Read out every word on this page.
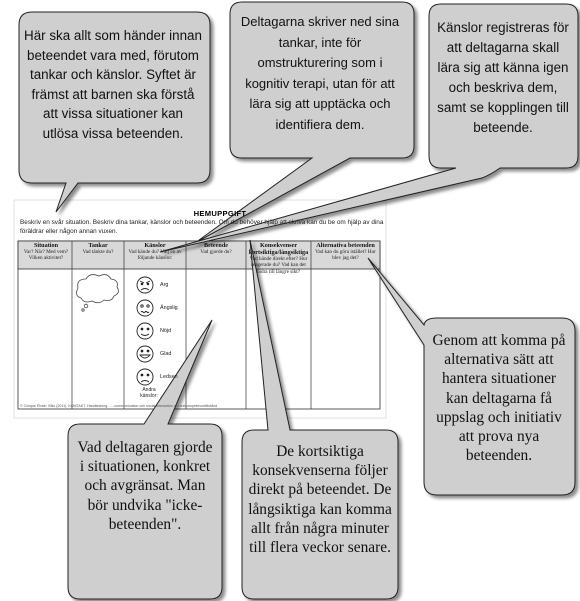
HEMUPPGIFT
Beskriv en svår situation. Beskriv dina tankar, känslor och beteenden. Om du behöver hjälp att skriva kan du be om hjälp av dina föräldrar eller någon annan vuxen.
Situation
Var? När? Med vem? Vilken aktivitet?
Tankar
Vad tänkte du?
Känslor
Vad kände du? Välj en av följande känslor:
Beteende
Vad gjorde du?
Konsekvenser kortsiktiga/långsiktiga
Vad hände direkt efter? Hur reagerade du? Vad kan det bidra till längre sikt?
Alternativa beteenden
Vad kan du göra istället? Hur blev jag det?
Arg
Ängslig
Nöjd
Glad
Ledsen
Andra känslor:
© Clinque Elvsin. Bilio (2011). KOMTAKT. Handledning... ...communication och social interaction vid autismspektrumtillstånd
Här ska allt som händer innan beteendet vara med, förutom tankar och känslor. Syftet är främst att barnen ska förstå att vissa situationer kan utlösa vissa beteenden.
Deltagarna skriver ned sina tankar, inte för omstrukturering som i kognitiv terapi, utan för att lära sig att upptäcka och identifiera dem.
Känslor registreras för att deltagarna skall lära sig att känna igen och beskriva dem, samt se kopplingen till beteende.
Genom att komma på alternativa sätt att hantera situationer kan deltagarna få uppslag och initiativ att prova nya beteenden.
Vad deltagaren gjorde i situationen, konkret och avgränsat. Man bör undvika "icke-beteenden".
De kortsiktiga konsekvenserna följer direkt på beteendet. De långsiktiga kan komma allt från några minuter till flera veckor senare.
